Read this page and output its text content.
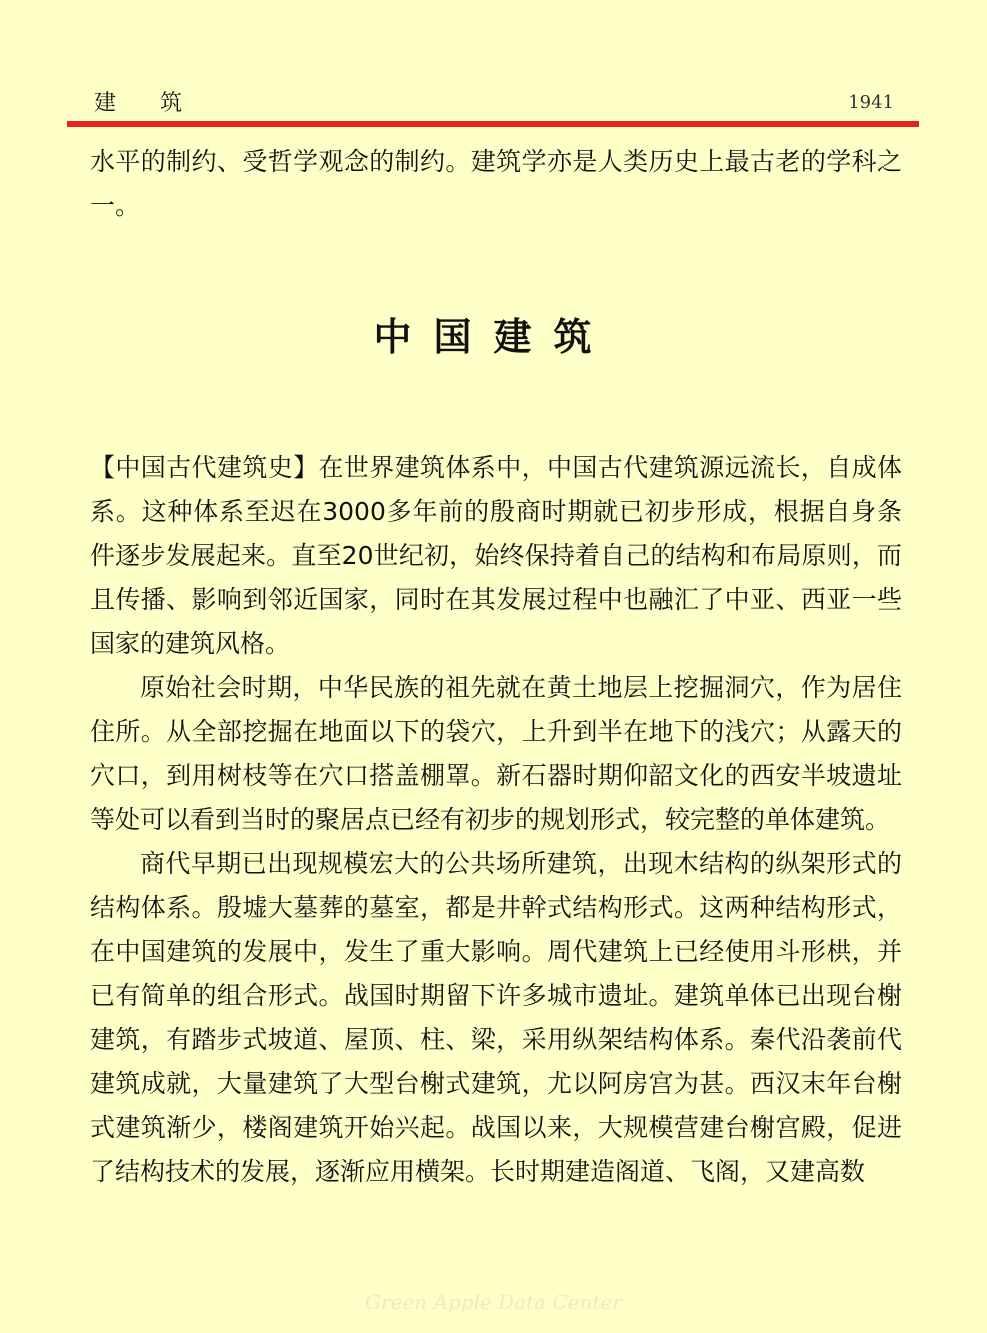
建筑	1941

水平的制约、受哲学观念的制约。建筑学亦是人类历史上最古老的学科之一。

中国建筑

【中国古代建筑史】在世界建筑体系中，中国古代建筑源远流长，自成体系。这种体系至迟在3000多年前的殷商时期就已初步形成，根据自身条件逐步发展起来。直至20世纪初，始终保持着自己的结构和布局原则，而且传播、影响到邻近国家，同时在其发展过程中也融汇了中亚、西亚一些国家的建筑风格。

原始社会时期，中华民族的祖先就在黄土地层上挖掘洞穴，作为居住住所。从全部挖掘在地面以下的袋穴，上升到半在地下的浅穴；从露天的穴口，到用树枝等在穴口搭盖棚罩。新石器时期仰韶文化的西安半坡遗址等处可以看到当时的聚居点已经有初步的规划形式，较完整的单体建筑。

商代早期已出现规模宏大的公共场所建筑，出现木结构的纵架形式的结构体系。殷墟大墓葬的墓室，都是井幹式结构形式。这两种结构形式，在中国建筑的发展中，发生了重大影响。周代建筑上已经使用斗形栱，并已有简单的组合形式。战国时期留下许多城市遗址。建筑单体已出现台榭建筑，有踏步式坡道、屋顶、柱、梁，采用纵架结构体系。秦代沿袭前代建筑成就，大量建筑了大型台榭式建筑，尤以阿房宫为甚。西汉末年台榭式建筑渐少，楼阁建筑开始兴起。战国以来，大规模营建台榭宫殿，促进了结构技术的发展，逐渐应用横架。长时期建造阁道、飞阁，又建高数

Green Apple Data Center
